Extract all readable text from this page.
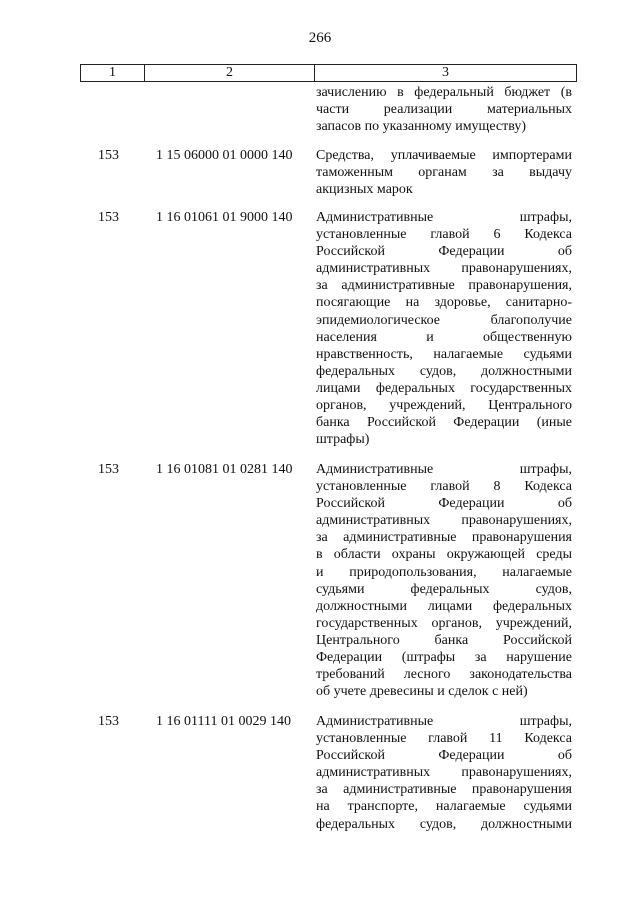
266
1	2	3
зачислению в федеральный бюджет (в
части реализации материальных
запасов по указанному имуществу)
153	1 15 06000 01 0000 140	Средства, уплачиваемые импортерами
таможенным органам за выдачу
акцизных марок
153	1 16 01061 01 9000 140	Административные штрафы,
установленные главой 6 Кодекса
Российской Федерации об
административных правонарушениях,
за административные правонарушения,
посягающие на здоровье, санитарно-
эпидемиологическое благополучие
населения и общественную
нравственность, налагаемые судьями
федеральных судов, должностными
лицами федеральных государственных
органов, учреждений, Центрального
банка Российской Федерации (иные
штрафы)
153	1 16 01081 01 0281 140	Административные штрафы,
установленные главой 8 Кодекса
Российской Федерации об
административных правонарушениях,
за административные правонарушения
в области охраны окружающей среды
и природопользования, налагаемые
судьями федеральных судов,
должностными лицами федеральных
государственных органов, учреждений,
Центрального банка Российской
Федерации (штрафы за нарушение
требований лесного законодательства
об учете древесины и сделок с ней)
153	1 16 01111 01 0029 140	Административные штрафы,
установленные главой 11 Кодекса
Российской Федерации об
административных правонарушениях,
за административные правонарушения
на транспорте, налагаемые судьями
федеральных судов, должностными
